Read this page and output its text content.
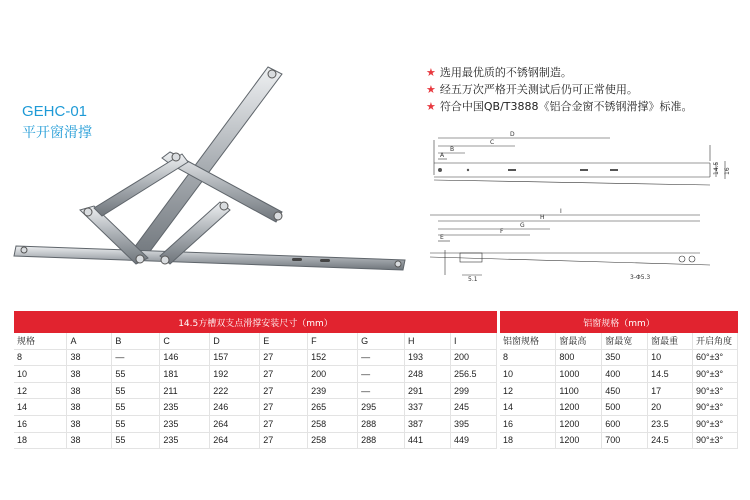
GEHC-01
平开窗滑撑
★ 选用最优质的不锈钢制造。
★ 经五万次严格开关测试后仍可正常使用。
★ 符合中国QB/T3888《铝合金窗不锈钢滑撑》标准。
D
C
B
A
14.5 16
I
H
G
F
E
5.1	3-Φ5.3
14.5方槽双支点滑撑安装尺寸（mm）	铝窗规格（mm）
规格	A	B	C	D	E	F	G	H	I
8	38	—	146	157	27	152	—	193	200
10	38	55	181	192	27	200	—	248	256.5
12	38	55	211	222	27	239	—	291	299
14	38	55	235	246	27	265	295	337	245
16	38	55	235	264	27	258	288	387	395
18	38	55	235	264	27	258	288	441	449
铝窗规格	窗最高	窗最宽	窗最重	开启角度
8	800	350	10	60°±3°
10	1000	400	14.5	90°±3°
12	1100	450	17	90°±3°
14	1200	500	20	90°±3°
16	1200	600	23.5	90°±3°
18	1200	700	24.5	90°±3°
